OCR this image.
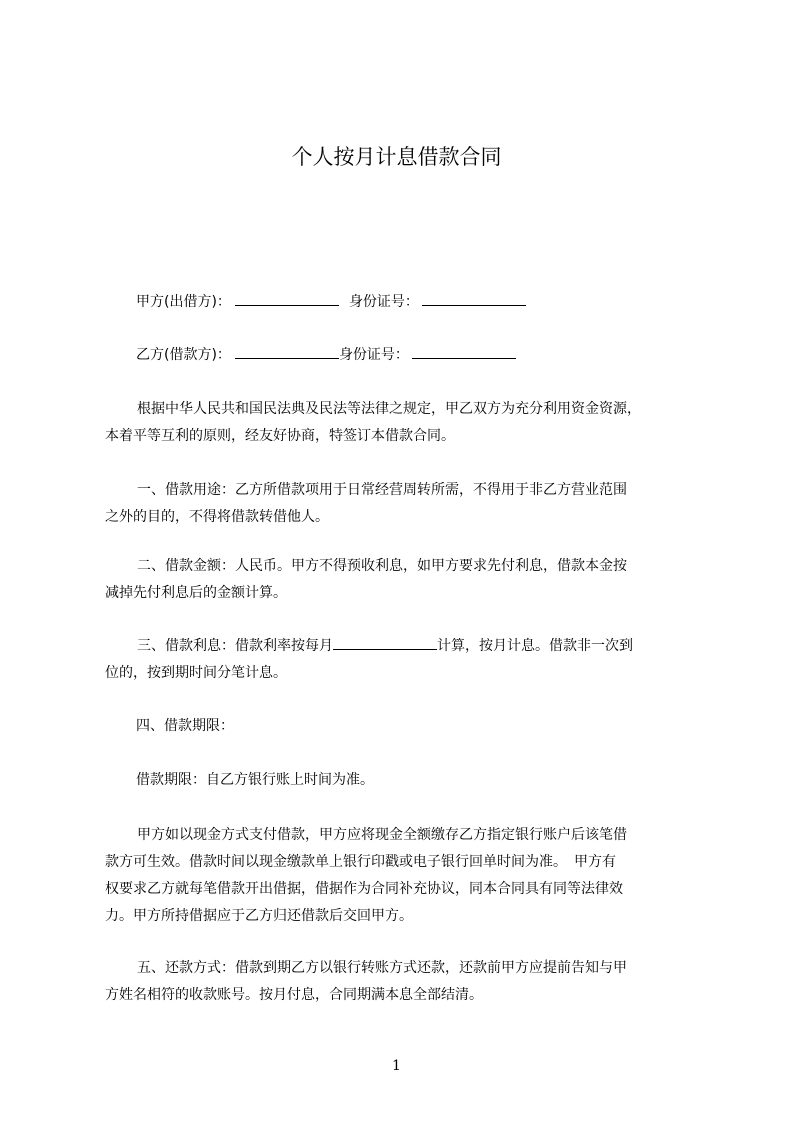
个人按月计息借款合同
甲方(出借方)：	身份证号：
乙方(借款方)：	身份证号：
根据中华人民共和国民法典及民法等法律之规定，甲乙双方为充分利用资金资源，
本着平等互利的原则，经友好协商，特签订本借款合同。
一、借款用途：乙方所借款项用于日常经营周转所需，不得用于非乙方营业范围
之外的目的，不得将借款转借他人。
二、借款金额：人民币。甲方不得预收利息，如甲方要求先付利息，借款本金按
减掉先付利息后的金额计算。
三、借款利息：借款利率按每月	计算，按月计息。借款非一次到
位的，按到期时间分笔计息。
四、借款期限：
借款期限：自乙方银行账上时间为准。
甲方如以现金方式支付借款，甲方应将现金全额缴存乙方指定银行账户后该笔借
款方可生效。借款时间以现金缴款单上银行印戳或电子银行回单时间为准。　甲方有
权要求乙方就每笔借款开出借据，借据作为合同补充协议，同本合同具有同等法律效
力。甲方所持借据应于乙方归还借款后交回甲方。
五、还款方式：借款到期乙方以银行转账方式还款，还款前甲方应提前告知与甲
方姓名相符的收款账号。按月付息，合同期满本息全部结清。
1
